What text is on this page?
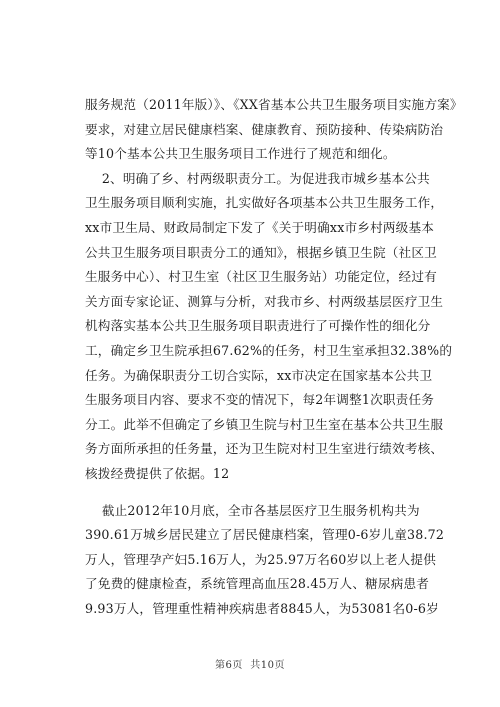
服务规范（2011年版）》、《XX省基本公共卫生服务项目实施方案》
要求，对建立居民健康档案、健康教育、预防接种、传染病防治
等10个基本公共卫生服务项目工作进行了规范和细化。
2、明确了乡、村两级职责分工。为促进我市城乡基本公共
卫生服务项目顺利实施，扎实做好各项基本公共卫生服务工作，
xx市卫生局、财政局制定下发了《关于明确xx市乡村两级基本
公共卫生服务项目职责分工的通知》，根据乡镇卫生院（社区卫
生服务中心）、村卫生室（社区卫生服务站）功能定位，经过有
关方面专家论证、测算与分析，对我市乡、村两级基层医疗卫生
机构落实基本公共卫生服务项目职责进行了可操作性的细化分
工，确定乡卫生院承担67.62%的任务，村卫生室承担32.38%的
任务。为确保职责分工切合实际，xx市决定在国家基本公共卫
生服务项目内容、要求不变的情况下，每2年调整1次职责任务
分工。此举不但确定了乡镇卫生院与村卫生室在基本公共卫生服
务方面所承担的任务量，还为卫生院对村卫生室进行绩效考核、
核拨经费提供了依据。12
截止2012年10月底，全市各基层医疗卫生服务机构共为
390.61万城乡居民建立了居民健康档案，管理0-6岁儿童38.72
万人，管理孕产妇5.16万人，为25.97万名60岁以上老人提供
了免费的健康检查，系统管理高血压28.45万人、糖尿病患者
9.93万人，管理重性精神疾病患者8845人，为53081名0-6岁
第6页  共10页
